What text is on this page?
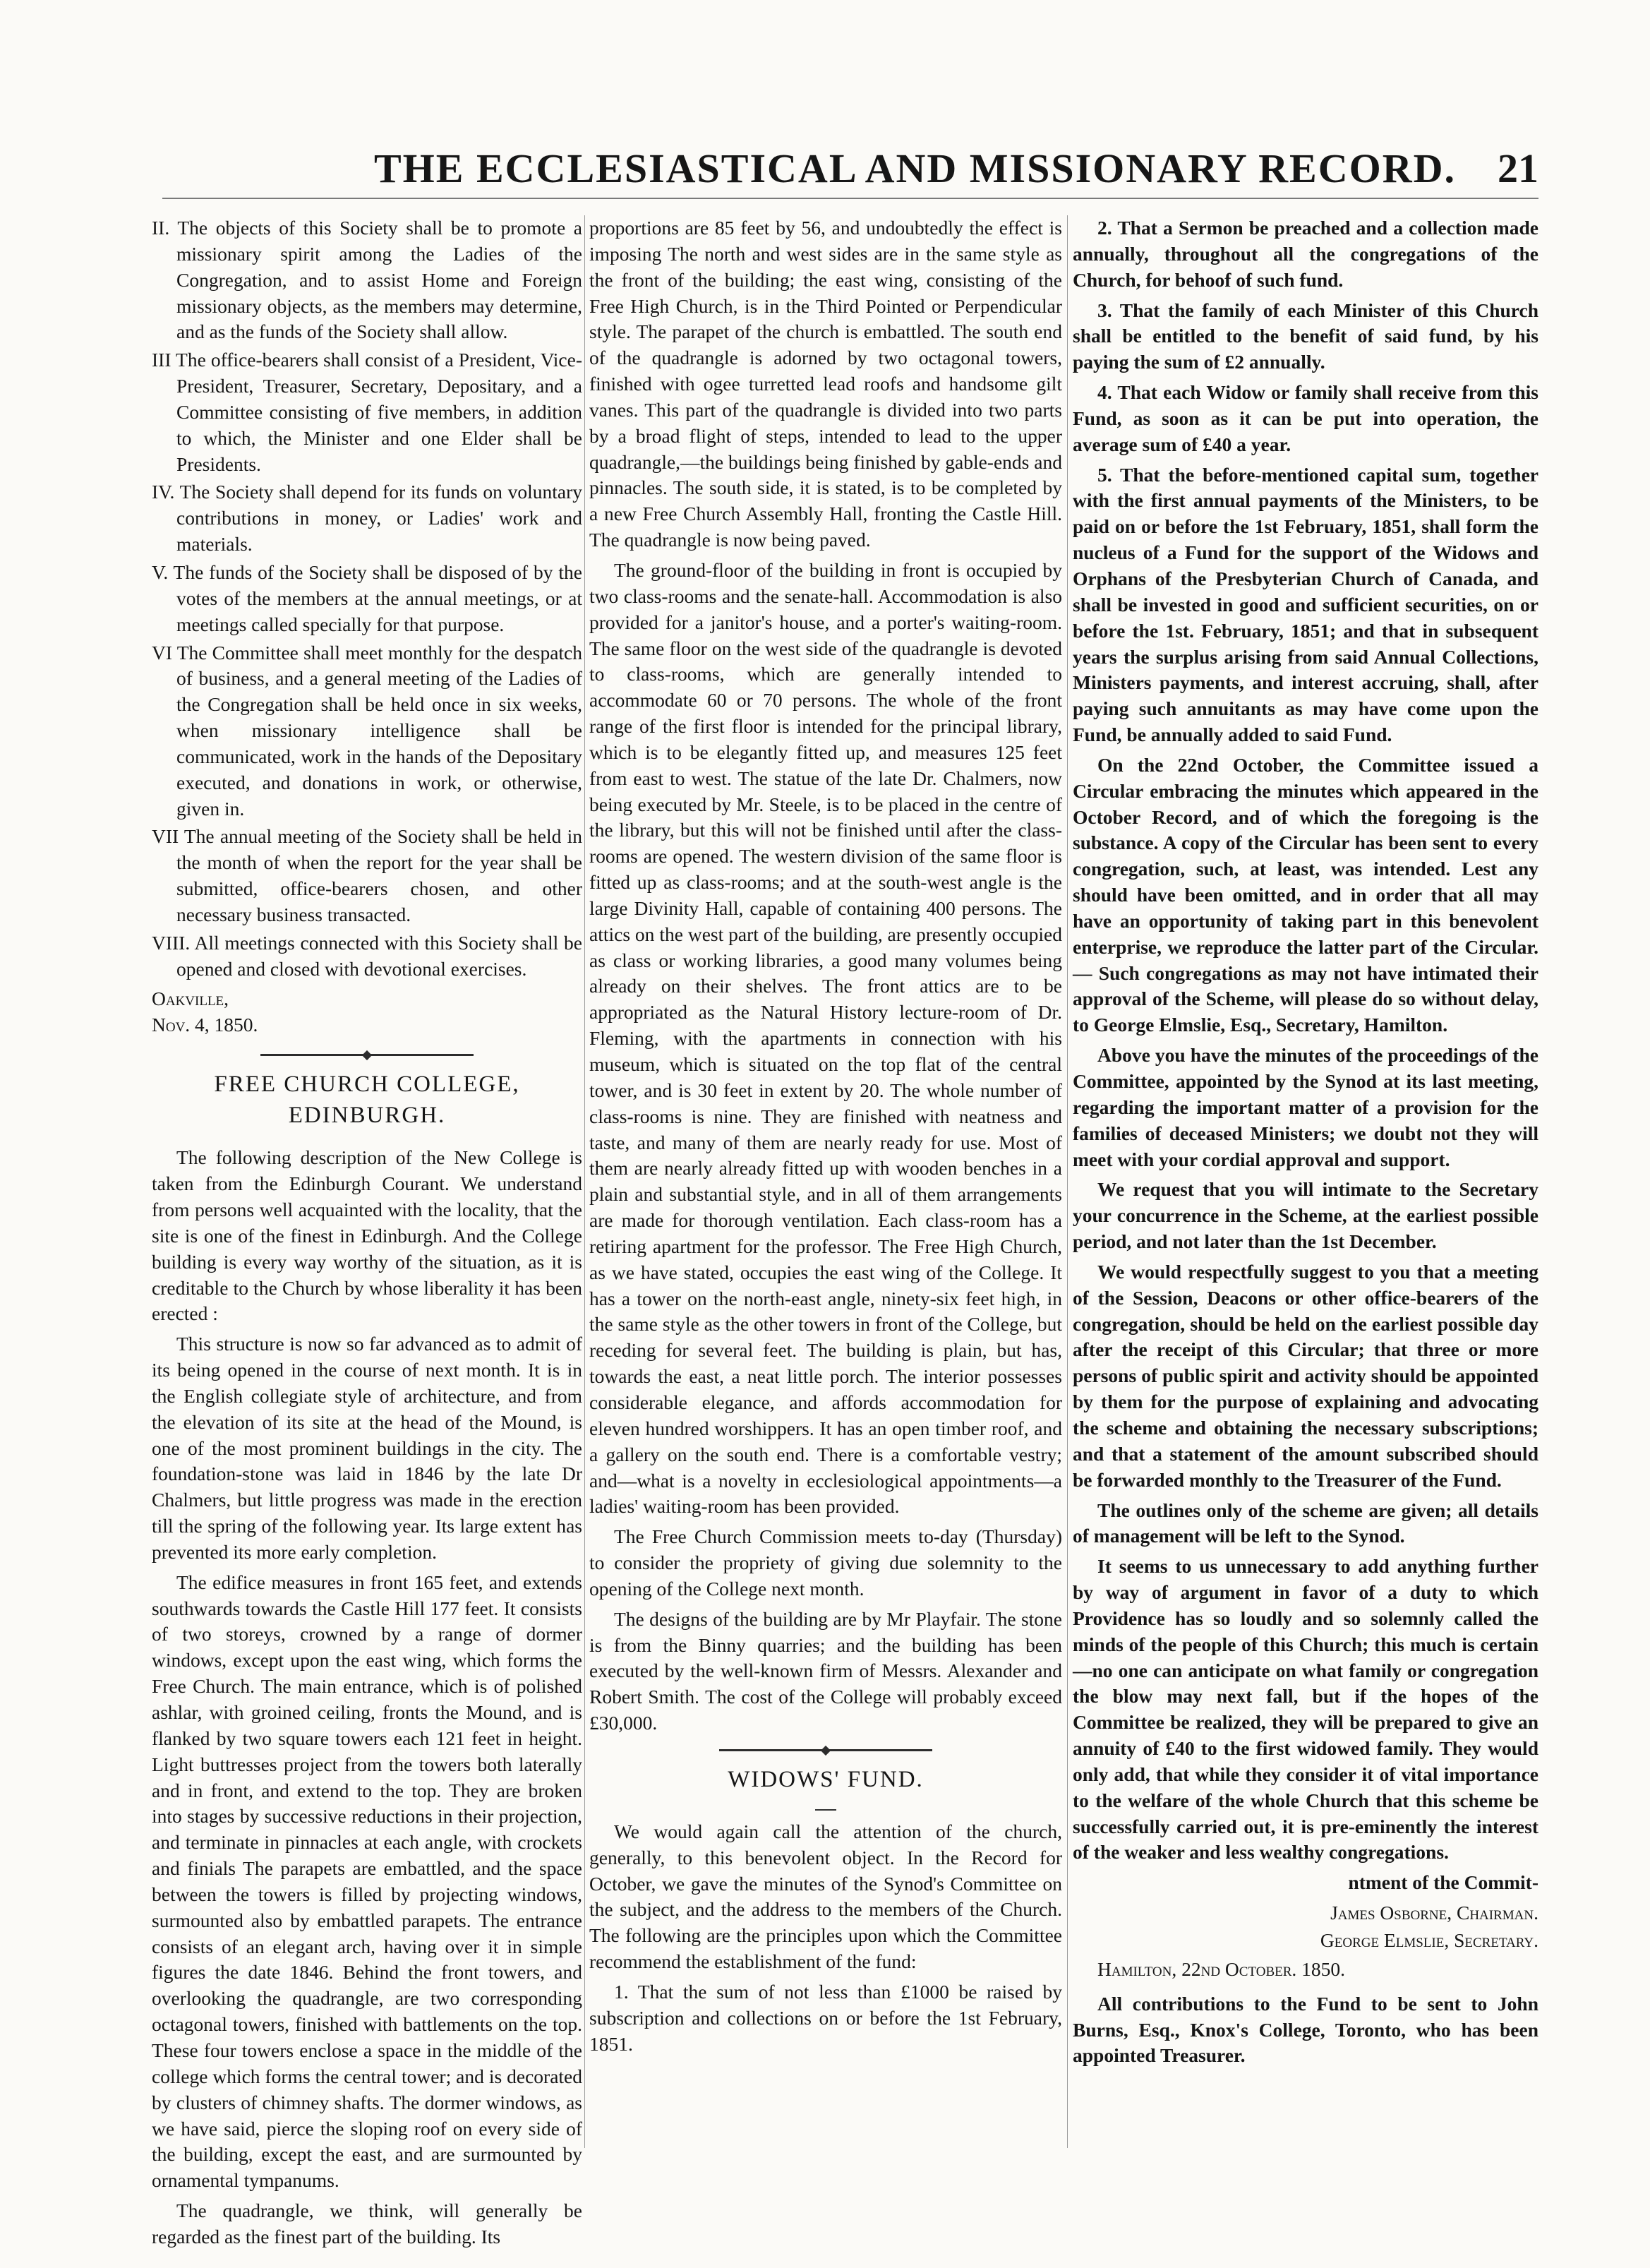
THE ECCLESIASTICAL AND MISSIONARY RECORD. 21

II. The objects of this Society shall be to promote a missionary spirit among the Ladies of the Congregation, and to assist Home and Foreign missionary objects, as the members may determine, and as the funds of the Society shall allow.

III The office-bearers shall consist of a President, Vice-President, Treasurer, Secretary, Depositary, and a Committee consisting of five members, in addition to which, the Minister and one Elder shall be Presidents.

IV. The Society shall depend for its funds on voluntary contributions in money, or Ladies' work and materials.

V. The funds of the Society shall be disposed of by the votes of the members at the annual meetings, or at meetings called specially for that purpose.

VI The Committee shall meet monthly for the despatch of business, and a general meeting of the Ladies of the Congregation shall be held once in six weeks, when missionary intelligence shall be communicated, work in the hands of the Depositary executed, and donations in work, or otherwise, given in.

VII The annual meeting of the Society shall be held in the month of when the report for the year shall be submitted, office-bearers chosen, and other necessary business transacted.

VIII. All meetings connected with this Society shall be opened and closed with devotional exercises.

Oakville,
Nov. 4, 1850.
FREE CHURCH COLLEGE, EDINBURGH.

The following description of the New College is taken from the Edinburgh Courant. We understand from persons well acquainted with the locality, that the site is one of the finest in Edinburgh. And the College building is every way worthy of the situation, as it is creditable to the Church by whose liberality it has been erected :

This structure is now so far advanced as to admit of its being opened in the course of next month. It is in the English collegiate style of architecture, and from the elevation of its site at the head of the Mound, is one of the most prominent buildings in the city. The foundation-stone was laid in 1846 by the late Dr Chalmers, but little progress was made in the erection till the spring of the following year. Its large extent has prevented its more early completion.

The edifice measures in front 165 feet, and extends southwards towards the Castle Hill 177 feet. It consists of two storeys, crowned by a range of dormer windows, except upon the east wing, which forms the Free Church. The main entrance, which is of polished ashlar, with groined ceiling, fronts the Mound, and is flanked by two square towers each 121 feet in height. Light buttresses project from the towers both laterally and in front, and extend to the top. They are broken into stages by successive reductions in their projection, and terminate in pinnacles at each angle, with crockets and finials The parapets are embattled, and the space between the towers is filled by projecting windows, surmounted also by embattled parapets. The entrance consists of an elegant arch, having over it in simple figures the date 1846. Behind the front towers, and overlooking the quadrangle, are two corresponding octagonal towers, finished with battlements on the top. These four towers enclose a space in the middle of the college which forms the central tower; and is decorated by clusters of chimney shafts. The dormer windows, as we have said, pierce the sloping roof on every side of the building, except the east, and are surmounted by ornamental tympanums.

The quadrangle, we think, will generally be regarded as the finest part of the building. Its

proportions are 85 feet by 56, and undoubtedly the effect is imposing The north and west sides are in the same style as the front of the building; the east wing, consisting of the Free High Church, is in the Third Pointed or Perpendicular style. The parapet of the church is embattled. The south end of the quadrangle is adorned by two octagonal towers, finished with ogee turretted lead roofs and handsome gilt vanes. This part of the quadrangle is divided into two parts by a broad flight of steps, intended to lead to the upper quadrangle,—the buildings being finished by gable-ends and pinnacles. The south side, it is stated, is to be completed by a new Free Church Assembly Hall, fronting the Castle Hill. The quadrangle is now being paved.

The ground-floor of the building in front is occupied by two class-rooms and the senate-hall. Accommodation is also provided for a janitor's house, and a porter's waiting-room. The same floor on the west side of the quadrangle is devoted to class-rooms, which are generally intended to accommodate 60 or 70 persons. The whole of the front range of the first floor is intended for the principal library, which is to be elegantly fitted up, and measures 125 feet from east to west. The statue of the late Dr. Chalmers, now being executed by Mr. Steele, is to be placed in the centre of the library, but this will not be finished until after the class-rooms are opened. The western division of the same floor is fitted up as class-rooms; and at the south-west angle is the large Divinity Hall, capable of containing 400 persons. The attics on the west part of the building, are presently occupied as class or working libraries, a good many volumes being already on their shelves. The front attics are to be appropriated as the Natural History lecture-room of Dr. Fleming, with the apartments in connection with his museum, which is situated on the top flat of the central tower, and is 30 feet in extent by 20. The whole number of class-rooms is nine. They are finished with neatness and taste, and many of them are nearly ready for use. Most of them are nearly already fitted up with wooden benches in a plain and substantial style, and in all of them arrangements are made for thorough ventilation. Each class-room has a retiring apartment for the professor. The Free High Church, as we have stated, occupies the east wing of the College. It has a tower on the north-east angle, ninety-six feet high, in the same style as the other towers in front of the College, but receding for several feet. The building is plain, but has, towards the east, a neat little porch. The interior possesses considerable elegance, and affords accommodation for eleven hundred worshippers. It has an open timber roof, and a gallery on the south end. There is a comfortable vestry; and—what is a novelty in ecclesiological appointments—a ladies' waiting-room has been provided.

The Free Church Commission meets to-day (Thursday) to consider the propriety of giving due solemnity to the opening of the College next month.

The designs of the building are by Mr Playfair. The stone is from the Binny quarries; and the building has been executed by the well-known firm of Messrs. Alexander and Robert Smith. The cost of the College will probably exceed £30,000.

WIDOWS' FUND.

We would again call the attention of the church, generally, to this benevolent object. In the Record for October, we gave the minutes of the Synod's Committee on the subject, and the address to the members of the Church. The following are the principles upon which the Committee recommend the establishment of the fund:

1. That the sum of not less than £1000 be raised by subscription and collections on or before the 1st February, 1851.

2. That a Sermon be preached and a collection made annually, throughout all the congregations of the Church, for behoof of such fund.

3. That the family of each Minister of this Church shall be entitled to the benefit of said fund, by his paying the sum of £2 annually.

4. That each Widow or family shall receive from this Fund, as soon as it can be put into operation, the average sum of £40 a year.

5. That the before-mentioned capital sum, together with the first annual payments of the Ministers, to be paid on or before the 1st February, 1851, shall form the nucleus of a Fund for the support of the Widows and Orphans of the Presbyterian Church of Canada, and shall be invested in good and sufficient securities, on or before the 1st. February, 1851; and that in subsequent years the surplus arising from said Annual Collections, Ministers payments, and interest accruing, shall, after paying such annuitants as may have come upon the Fund, be annually added to said Fund.

On the 22nd October, the Committee issued a Circular embracing the minutes which appeared in the October Record, and of which the foregoing is the substance. A copy of the Circular has been sent to every congregation, such, at least, was intended. Lest any should have been omitted, and in order that all may have an opportunity of taking part in this benevolent enterprise, we reproduce the latter part of the Circular.— Such congregations as may not have intimated their approval of the Scheme, will please do so without delay, to George Elmslie, Esq., Secretary, Hamilton.

Above you have the minutes of the proceedings of the Committee, appointed by the Synod at its last meeting, regarding the important matter of a provision for the families of deceased Ministers; we doubt not they will meet with your cordial approval and support.

We request that you will intimate to the Secretary your concurrence in the Scheme, at the earliest possible period, and not later than the 1st December.

We would respectfully suggest to you that a meeting of the Session, Deacons or other office-bearers of the congregation, should be held on the earliest possible day after the receipt of this Circular; that three or more persons of public spirit and activity should be appointed by them for the purpose of explaining and advocating the scheme and obtaining the necessary subscriptions; and that a statement of the amount subscribed should be forwarded monthly to the Treasurer of the Fund.

The outlines only of the scheme are given; all details of management will be left to the Synod.

It seems to us unnecessary to add anything further by way of argument in favor of a duty to which Providence has so loudly and so solemnly called the minds of the people of this Church; this much is certain—no one can anticipate on what family or congregation the blow may next fall, but if the hopes of the Committee be realized, they will be prepared to give an annuity of £40 to the first widowed family. They would only add, that while they consider it of vital importance to the welfare of the whole Church that this scheme be successfully carried out, it is pre-eminently the interest of the weaker and less wealthy congregations.

ntment of the Commit-

James Osborne, Chairman.
George Elmslie, Secretary.
Hamilton, 22nd October. 1850.

All contributions to the Fund to be sent to John Burns, Esq., Knox's College, Toronto, who has been appointed Treasurer.
